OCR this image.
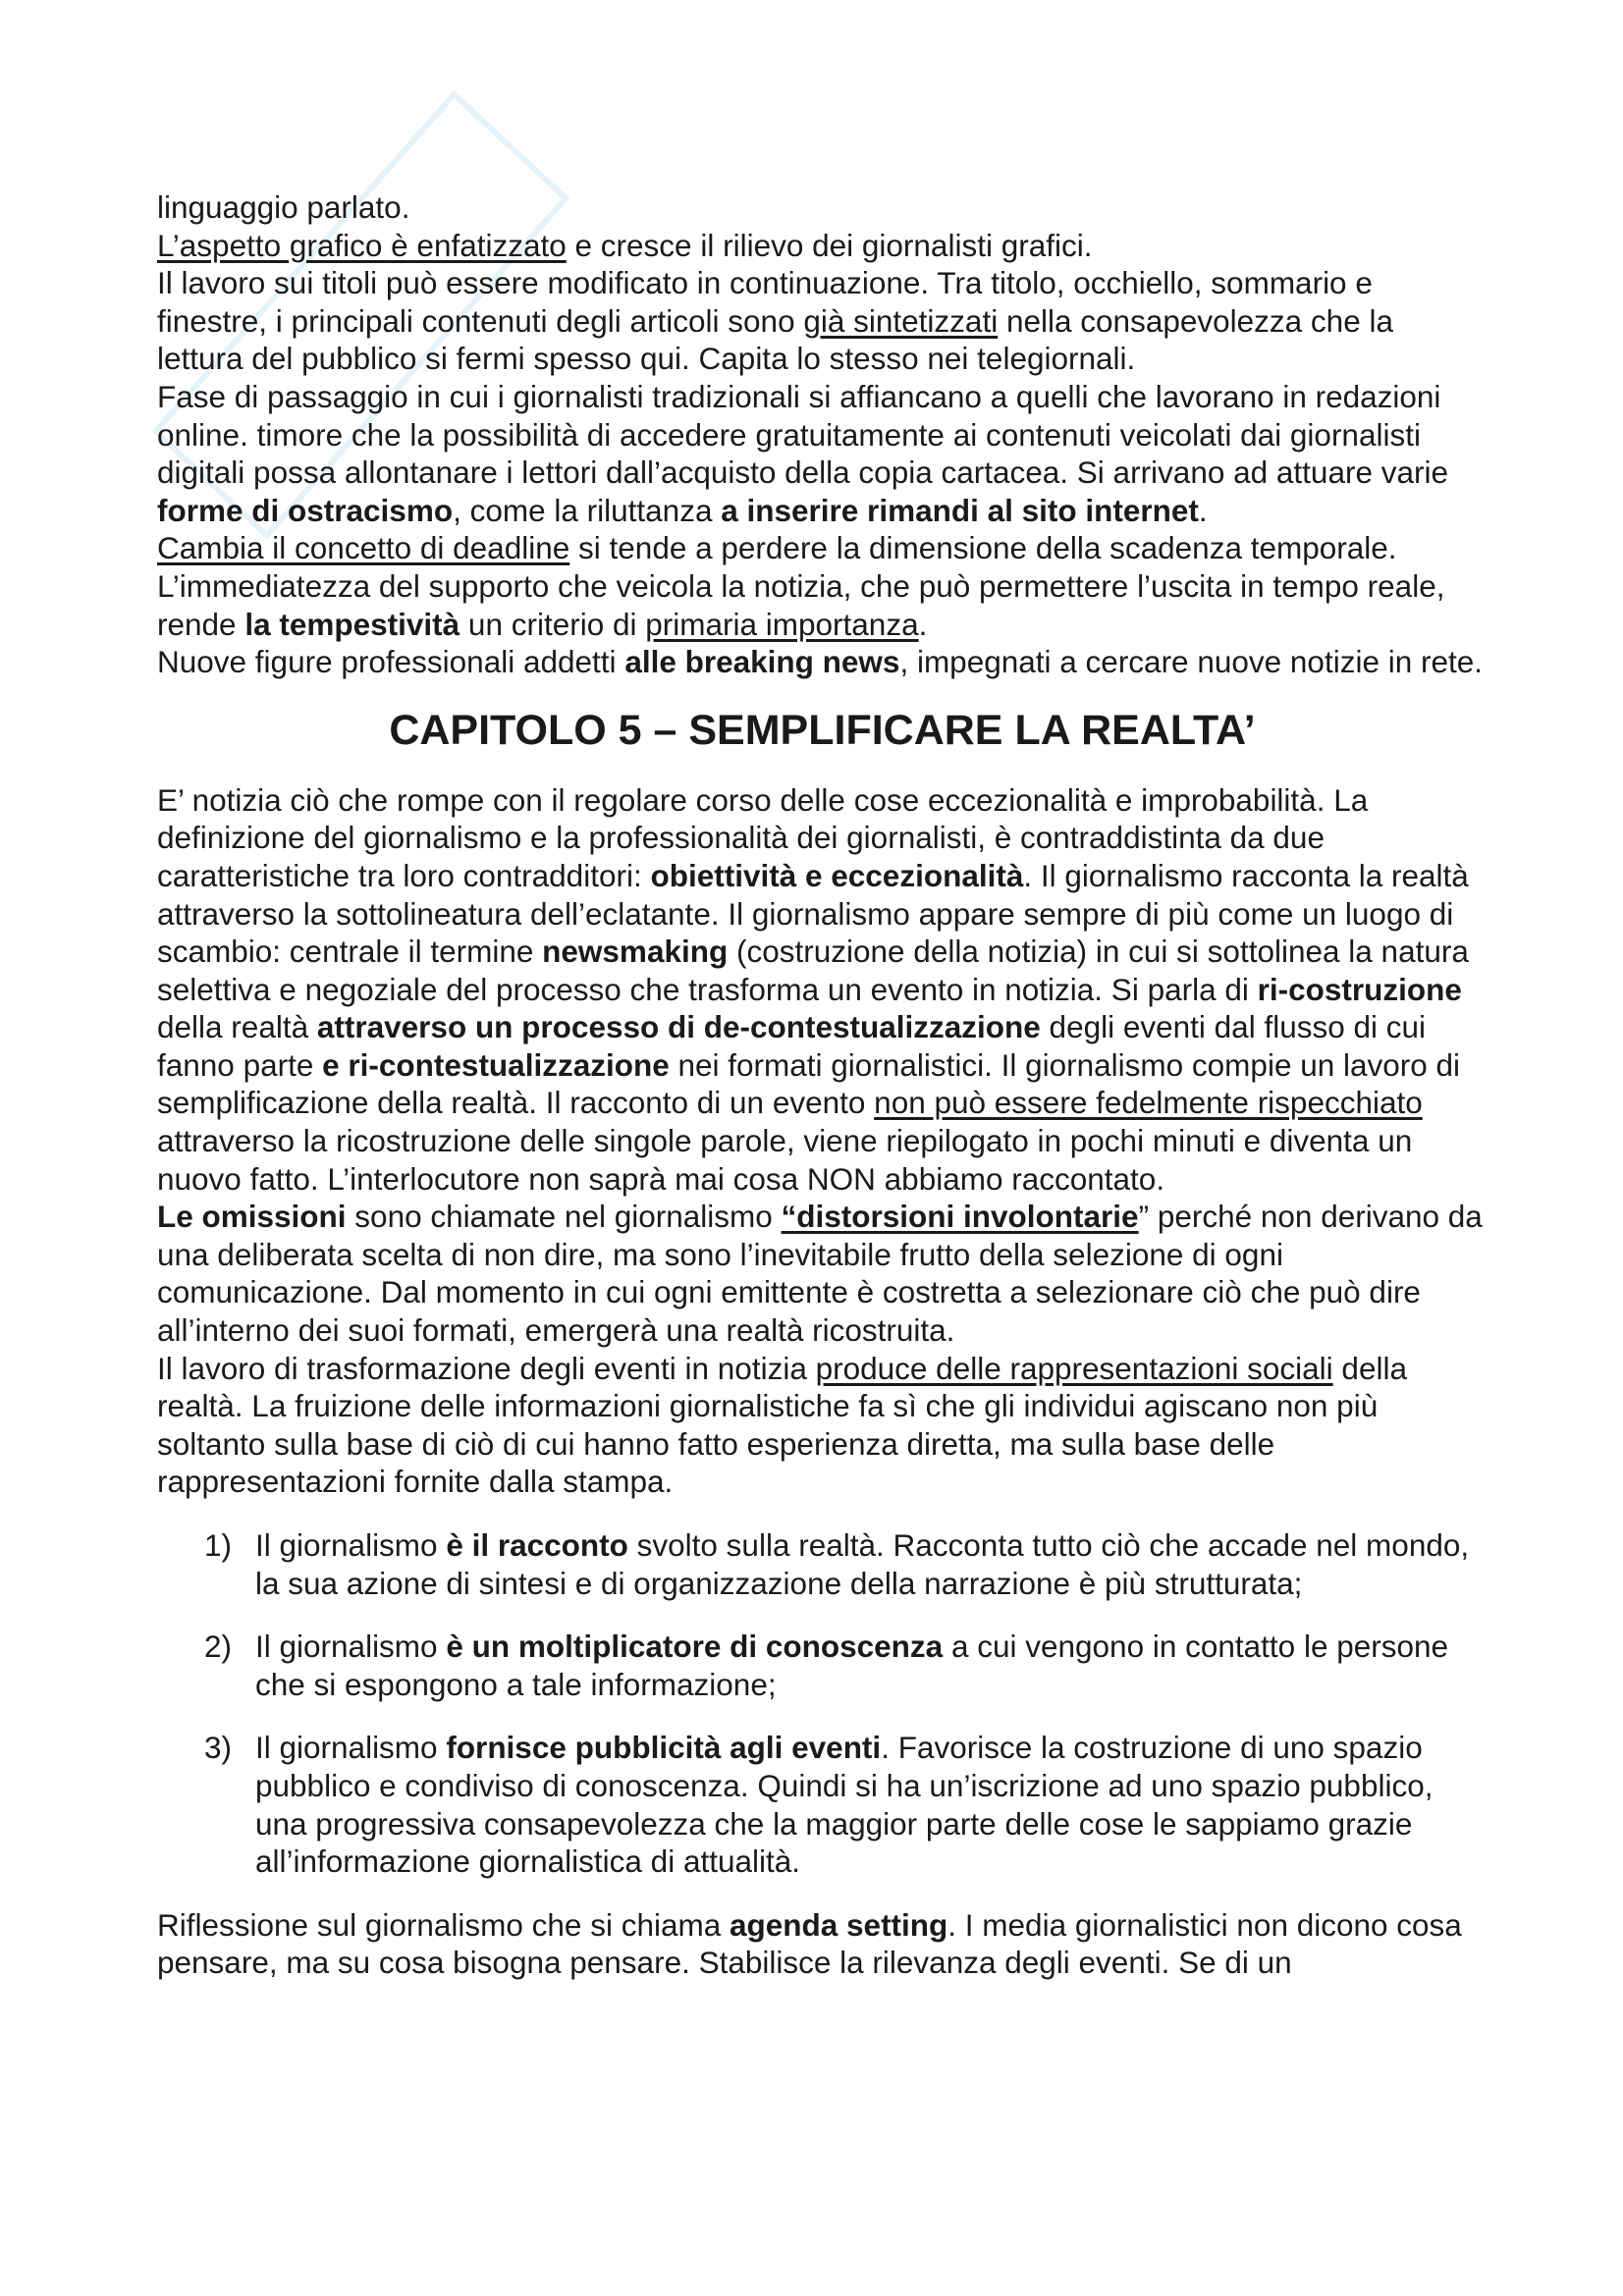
linguaggio parlato.

L’aspetto grafico è enfatizzato e cresce il rilievo dei giornalisti grafici.

Il lavoro sui titoli può essere modificato in continuazione. Tra titolo, occhiello, sommario e finestre, i principali contenuti degli articoli sono già sintetizzati nella consapevolezza che la lettura del pubblico si fermi spesso qui. Capita lo stesso nei telegiornali.

Fase di passaggio in cui i giornalisti tradizionali si affiancano a quelli che lavorano in redazioni online. timore che la possibilità di accedere gratuitamente ai contenuti veicolati dai giornalisti digitali possa allontanare i lettori dall’acquisto della copia cartacea. Si arrivano ad attuare varie forme di ostracismo, come la riluttanza a inserire rimandi al sito internet.

Cambia il concetto di deadline si tende a perdere la dimensione della scadenza temporale. L’immediatezza del supporto che veicola la notizia, che può permettere l’uscita in tempo reale, rende la tempestività un criterio di primaria importanza.

Nuove figure professionali addetti alle breaking news, impegnati a cercare nuove notizie in rete.

CAPITOLO 5 – SEMPLIFICARE LA REALTA’

E’ notizia ciò che rompe con il regolare corso delle cose eccezionalità e improbabilità. La definizione del giornalismo e la professionalità dei giornalisti, è contraddistinta da due caratteristiche tra loro contradditori: obiettività e eccezionalità. Il giornalismo racconta la realtà attraverso la sottolineatura dell’eclatante. Il giornalismo appare sempre di più come un luogo di scambio: centrale il termine newsmaking (costruzione della notizia) in cui si sottolinea la natura selettiva e negoziale del processo che trasforma un evento in notizia. Si parla di ri-costruzione della realtà attraverso un processo di de-contestualizzazione degli eventi dal flusso di cui fanno parte e ri-contestualizzazione nei formati giornalistici. Il giornalismo compie un lavoro di semplificazione della realtà. Il racconto di un evento non può essere fedelmente rispecchiato attraverso la ricostruzione delle singole parole, viene riepilogato in pochi minuti e diventa un nuovo fatto. L’interlocutore non saprà mai cosa NON abbiamo raccontato.

Le omissioni sono chiamate nel giornalismo “distorsioni involontarie” perché non derivano da una deliberata scelta di non dire, ma sono l’inevitabile frutto della selezione di ogni comunicazione. Dal momento in cui ogni emittente è costretta a selezionare ciò che può dire all’interno dei suoi formati, emergerà una realtà ricostruita.

Il lavoro di trasformazione degli eventi in notizia produce delle rappresentazioni sociali della realtà. La fruizione delle informazioni giornalistiche fa sì che gli individui agiscano non più soltanto sulla base di ciò di cui hanno fatto esperienza diretta, ma sulla base delle rappresentazioni fornite dalla stampa.

1) Il giornalismo è il racconto svolto sulla realtà. Racconta tutto ciò che accade nel mondo, la sua azione di sintesi e di organizzazione della narrazione è più strutturata;
2) Il giornalismo è un moltiplicatore di conoscenza a cui vengono in contatto le persone che si espongono a tale informazione;
3) Il giornalismo fornisce pubblicità agli eventi. Favorisce la costruzione di uno spazio pubblico e condiviso di conoscenza. Quindi si ha un’iscrizione ad uno spazio pubblico, una progressiva consapevolezza che la maggior parte delle cose le sappiamo grazie all’informazione giornalistica di attualità.

Riflessione sul giornalismo che si chiama agenda setting. I media giornalistici non dicono cosa pensare, ma su cosa bisogna pensare. Stabilisce la rilevanza degli eventi. Se di un
